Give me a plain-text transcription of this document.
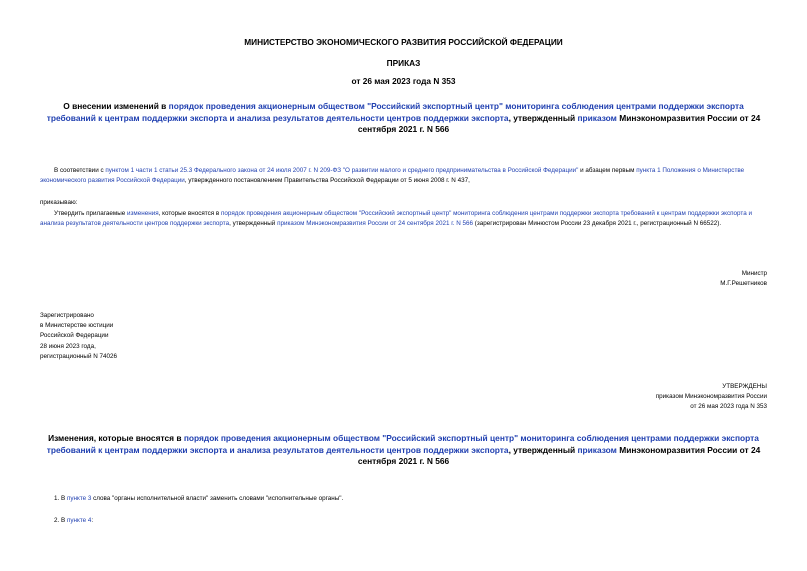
МИНИСТЕРСТВО ЭКОНОМИЧЕСКОГО РАЗВИТИЯ РОССИЙСКОЙ ФЕДЕРАЦИИ
ПРИКАЗ
от 26 мая 2023 года N 353
О внесении изменений в порядок проведения акционерным обществом "Российский экспортный центр" мониторинга соблюдения центрами поддержки экспорта требований к центрам поддержки экспорта и анализа результатов деятельности центров поддержки экспорта, утвержденный приказом Минэкономразвития России от 24 сентября 2021 г. N 566
В соответствии с пунктом 1 части 1 статьи 25.3 Федерального закона от 24 июля 2007 г. N 209-ФЗ "О развитии малого и среднего предпринимательства в Российской Федерации" и абзацем первым пункта 1 Положения о Министерстве экономического развития Российской Федерации, утвержденного постановлением Правительства Российской Федерации от 5 июня 2008 г. N 437,
приказываю:
Утвердить прилагаемые изменения, которые вносятся в порядок проведения акционерным обществом "Российский экспортный центр" мониторинга соблюдения центрами поддержки экспорта требований к центрам поддержки экспорта и анализа результатов деятельности центров поддержки экспорта, утвержденный приказом Минэкономразвития России от 24 сентября 2021 г. N 566 (зарегистрирован Минюстом России 23 декабря 2021 г., регистрационный N 66522).
Министр
М.Г.Решетников
Зарегистрировано
в Министерстве юстиции
Российской Федерации
28 июня 2023 года,
регистрационный N 74026
УТВЕРЖДЕНЫ
приказом Минэкономразвития России
от 26 мая 2023 года N 353
Изменения, которые вносятся в порядок проведения акционерным обществом "Российский экспортный центр" мониторинга соблюдения центрами поддержки экспорта требований к центрам поддержки экспорта и анализа результатов деятельности центров поддержки экспорта, утвержденный приказом Минэкономразвития России от 24 сентября 2021 г. N 566
1. В пункте 3 слова "органы исполнительной власти" заменить словами "исполнительные органы".
2. В пункте 4:
